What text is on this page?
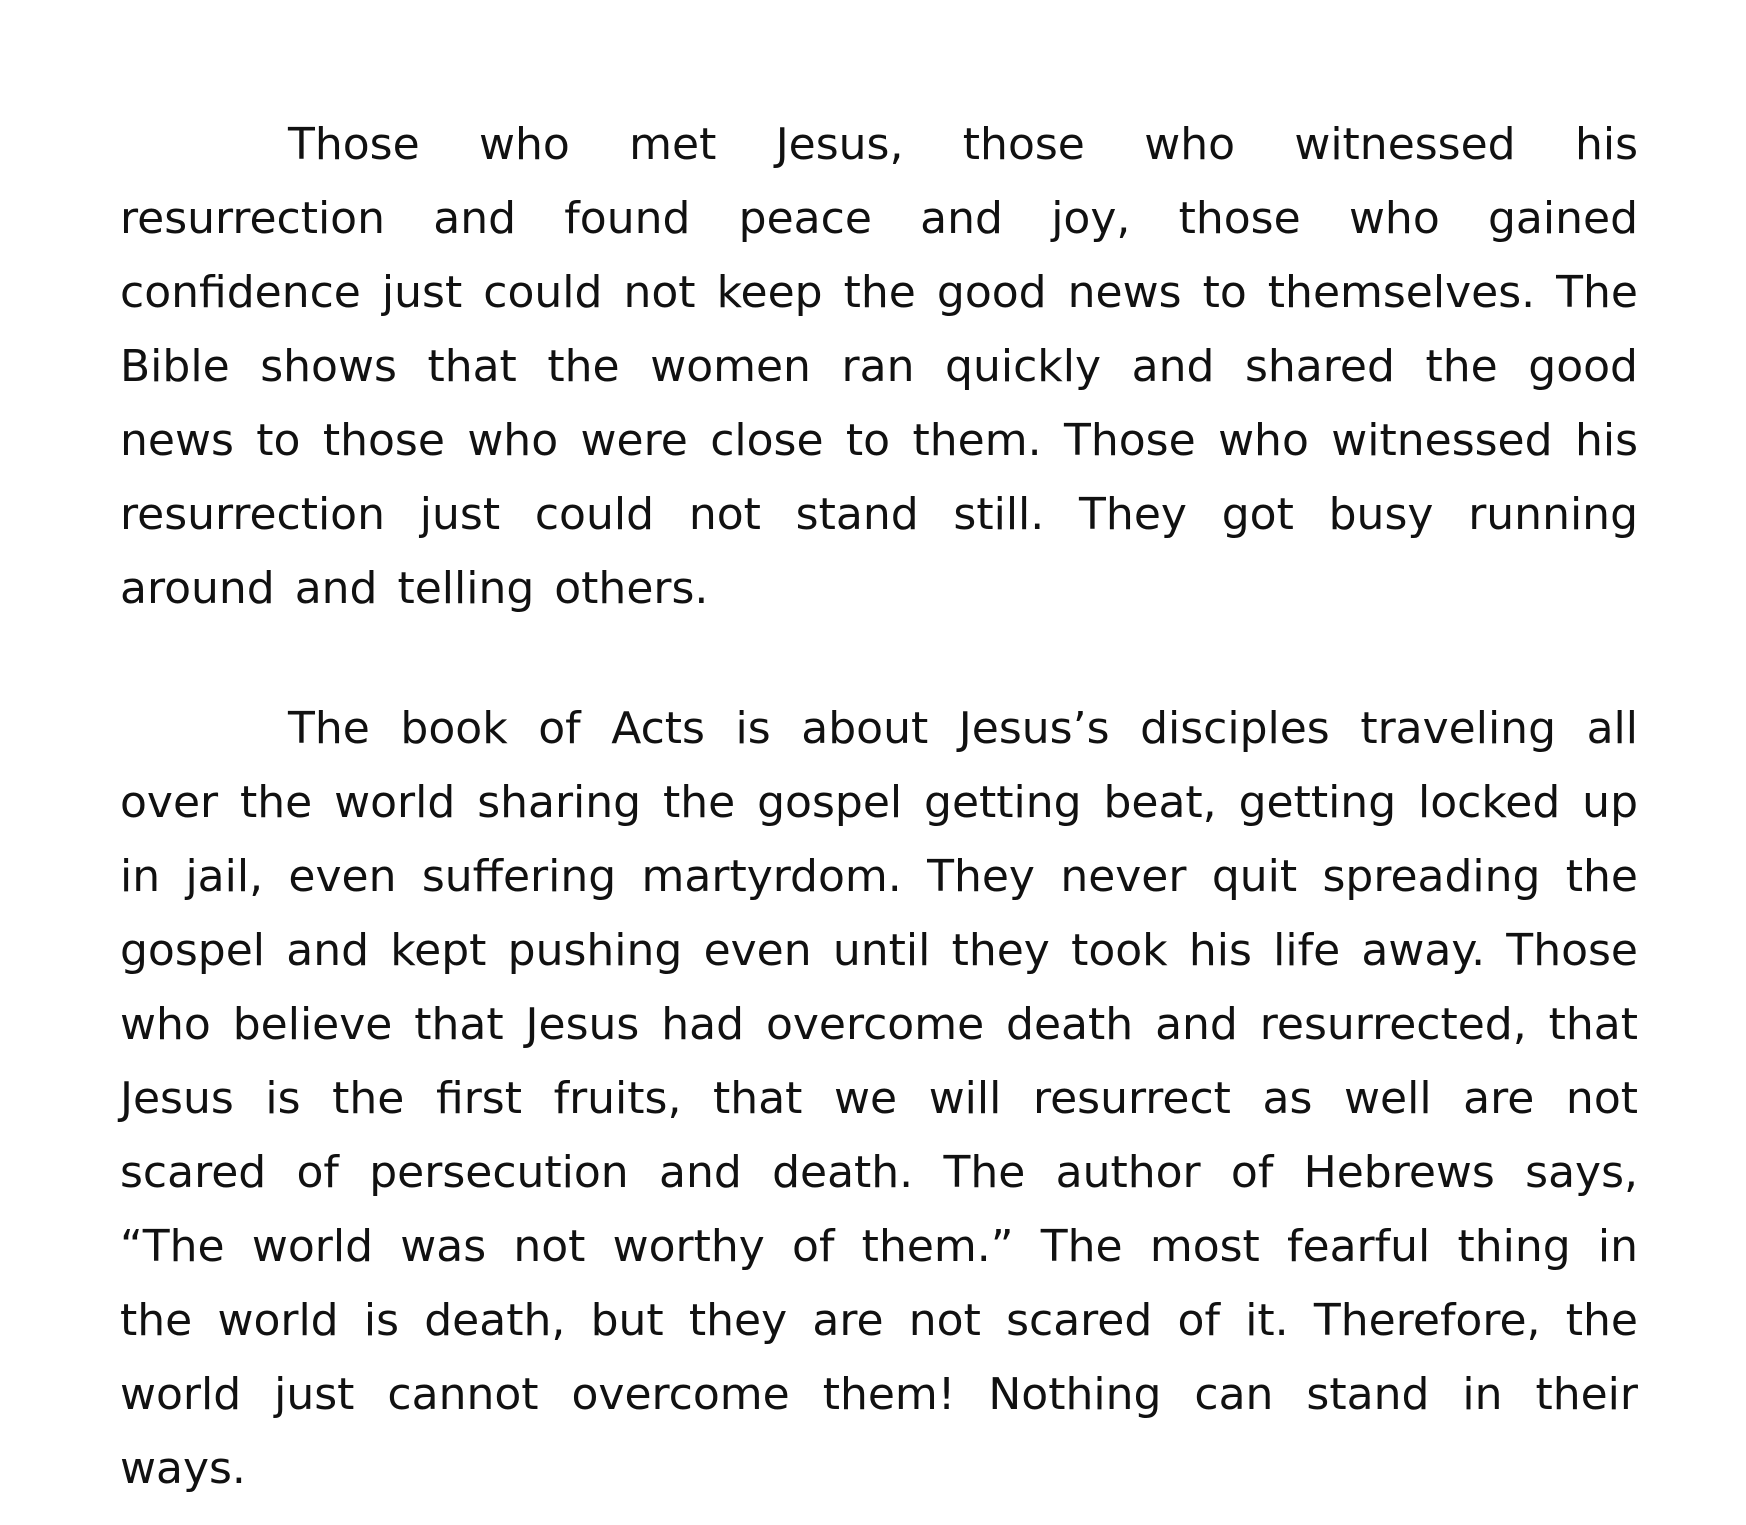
Those who met Jesus, those who witnessed his resurrection and found peace and joy, those who gained confidence just could not keep the good news to themselves. The Bible shows that the women ran quickly and shared the good news to those who were close to them. Those who witnessed his resurrection just could not stand still. They got busy running around and telling others.

The book of Acts is about Jesus’s disciples traveling all over the world sharing the gospel getting beat, getting locked up in jail, even suffering martyrdom. They never quit spreading the gospel and kept pushing even until they took his life away. Those who believe that Jesus had overcome death and resurrected, that Jesus is the first fruits, that we will resurrect as well are not scared of persecution and death. The author of Hebrews says, “The world was not worthy of them.” The most fearful thing in the world is death, but they are not scared of it. Therefore, the world just cannot overcome them! Nothing can stand in their ways.
